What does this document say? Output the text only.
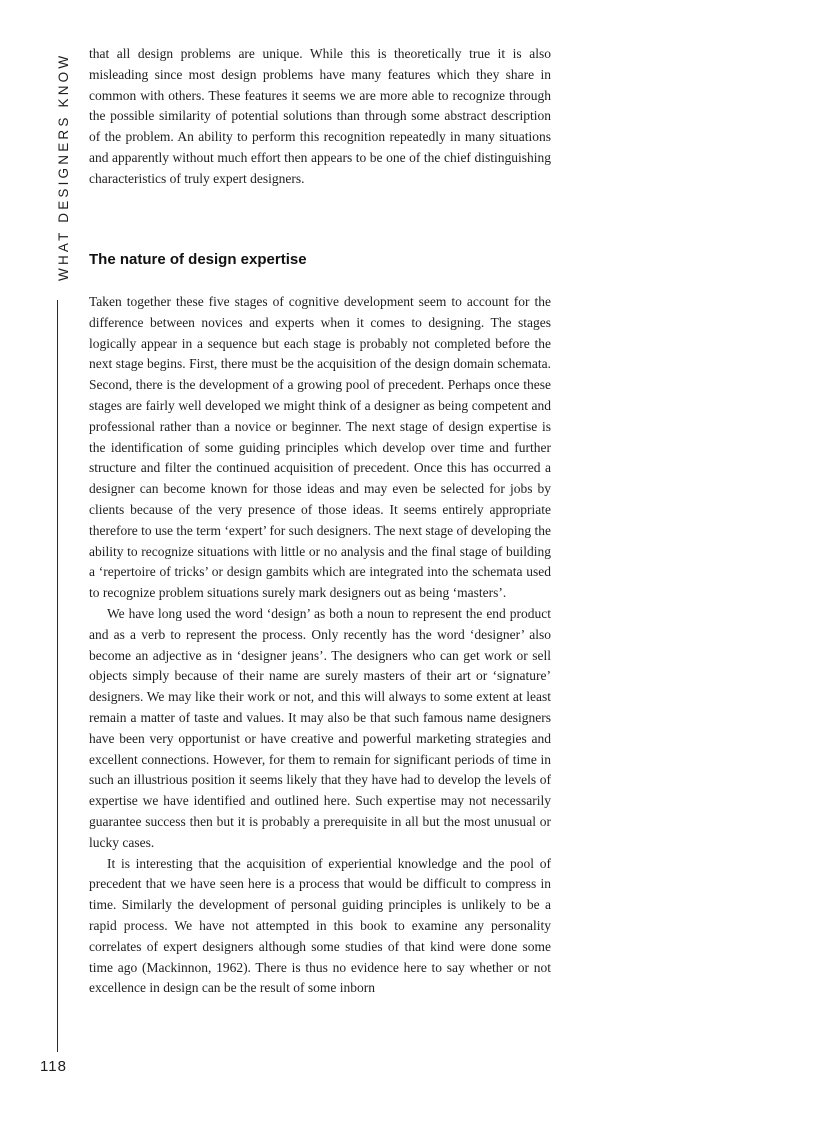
WHAT DESIGNERS KNOW
118

that all design problems are unique. While this is theoretically true it is also misleading since most design problems have many features which they share in common with others. These features it seems we are more able to recognize through the possible similarity of potential solutions than through some abstract description of the problem. An ability to perform this recognition repeatedly in many situations and apparently without much effort then appears to be one of the chief distinguishing characteristics of truly expert designers.

The nature of design expertise

Taken together these five stages of cognitive development seem to account for the difference between novices and experts when it comes to designing. The stages logically appear in a sequence but each stage is probably not completed before the next stage begins. First, there must be the acquisition of the design domain schemata. Second, there is the development of a growing pool of precedent. Perhaps once these stages are fairly well developed we might think of a designer as being competent and professional rather than a novice or beginner. The next stage of design expertise is the identification of some guiding principles which develop over time and further structure and filter the continued acquisition of precedent. Once this has occurred a designer can become known for those ideas and may even be selected for jobs by clients because of the very presence of those ideas. It seems entirely appropriate therefore to use the term ‘expert’ for such designers. The next stage of developing the ability to recognize situations with little or no analysis and the final stage of building a ‘repertoire of tricks’ or design gambits which are integrated into the schemata used to recognize problem situations surely mark designers out as being ‘masters’.

We have long used the word ‘design’ as both a noun to represent the end product and as a verb to represent the process. Only recently has the word ‘designer’ also become an adjective as in ‘designer jeans’. The designers who can get work or sell objects simply because of their name are surely masters of their art or ‘signature’ designers. We may like their work or not, and this will always to some extent at least remain a matter of taste and values. It may also be that such famous name designers have been very opportunist or have creative and powerful marketing strategies and excellent connections. However, for them to remain for significant periods of time in such an illustrious position it seems likely that they have had to develop the levels of expertise we have identified and outlined here. Such expertise may not necessarily guarantee success then but it is probably a prerequisite in all but the most unusual or lucky cases.

It is interesting that the acquisition of experiential knowledge and the pool of precedent that we have seen here is a process that would be difficult to compress in time. Similarly the development of personal guiding principles is unlikely to be a rapid process. We have not attempted in this book to examine any personality correlates of expert designers although some studies of that kind were done some time ago (Mackinnon, 1962). There is thus no evidence here to say whether or not excellence in design can be the result of some inborn
